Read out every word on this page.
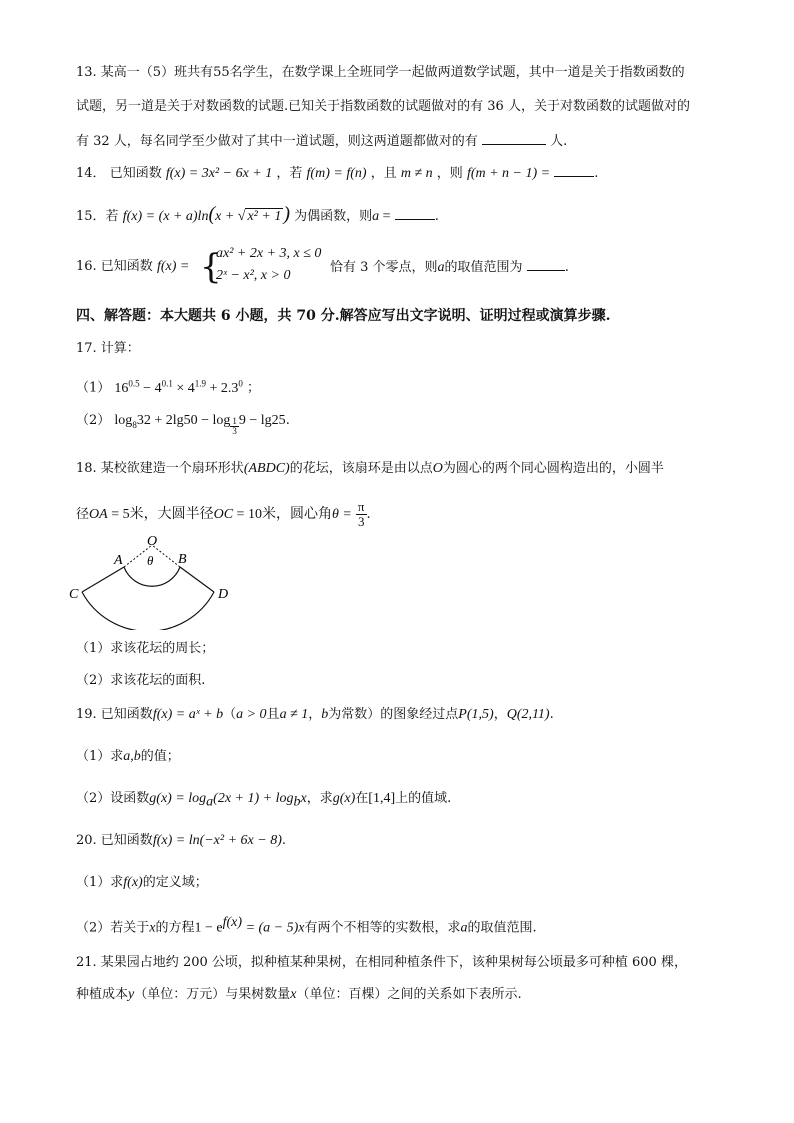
13. 某高一（5）班共有55名学生，在数学课上全班同学一起做两道数学试题，其中一道是关于指数函数的
试题，另一道是关于对数函数的试题.已知关于指数函数的试题做对的有 36 人，关于对数函数的试题做对的
有 32 人，每名同学至少做对了其中一道试题，则这两道题都做对的有	人.
14． 已知函数 f(x) = 3x² − 6x + 1 ，若 f(m) = f(n) ，且 m ≠ n ，则 f(m + n − 1) =	.
15．若 f(x) = (x + a)ln(x + √ x² + 1 ) 为偶函数，则a =	.
16. 已知函数 f(x) = {
ax² + 2x + 3, x ≤ 0
2ˣ − x², x > 0
恰有 3 个零点，则a的取值范围为	.
四、解答题：本大题共 6 小题，共 70 分.解答应写出文字说明、证明过程或演算步骤.
17. 计算：
（1） $16^{0.5} - 4^{0.1} \times 4^{1.9} + 2.3^0$ ；
（2） $\log_832 + 2\lg 50 - \log \frac{1}{3} 9 - \lg 25$.
18. 某校欲建造一个扇环形状(ABDC)的花坛，该扇环是由以点O为圆心的两个同心圆构造出的，小圆半
径OA = 5米，大圆半径OC = 10米，圆心角$\theta = \frac{\pi}{3}$ .
O
θ
A	B
C	D
（1）求该花坛的周长；
（2）求该花坛的面积.
19. 已知函数f(x) = aˣ + b（a > 0且a ≠ 1，b为常数）的图象经过点P(1,5)，Q(2,11).
（1）求a,b的值；
（2）设函数$g(x) = \log_a(2x + 1) + \log_bx$，求g(x)在[1,4]上的值域.
20. 已知函数f(x) = ln(−x² + 6x − 8).
（1）求f(x)的定义域；
（2）若关于x的方程$1 - e^{f(x)} = (a - 5)x$有两个不相等的实数根，求a的取值范围.
21. 某果园占地约 200 公顷，拟种植某种果树，在相同种植条件下，该种果树每公顷最多可种植 600 棵，
种植成本y（单位：万元）与果树数量x（单位：百棵）之间的关系如下表所示.
